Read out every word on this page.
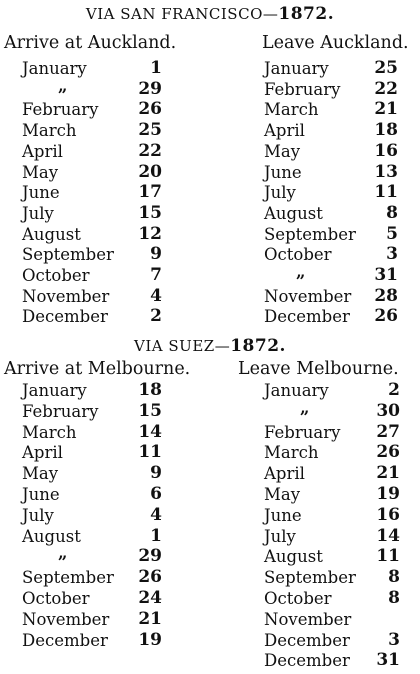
VIA SAN FRANCISCO—1872.
Arrive at Auckland.	Leave Auckland.
January	1
„	29
February	26
March	25
April	22
May	20
June	17
July	15
August	12
September	9
October	7
November	4
December	2
January	25
February	22
March	21
April	18
May	16
June	13
July	11
August	8
September	5
October	3
„	31
November	28
December	26
VIA SUEZ—1872.
Arrive at Melbourne.	Leave Melbourne.
January	18
February	15
March	14
April	11
May	9
June	6
July	4
August	1
„	29
September	26
October	24
November	21
December	19
January	2
„	30
February	27
March	26
April	21
May	19
June	16
July	14
August	11
September	8
October	8
November
December	3
December	31
